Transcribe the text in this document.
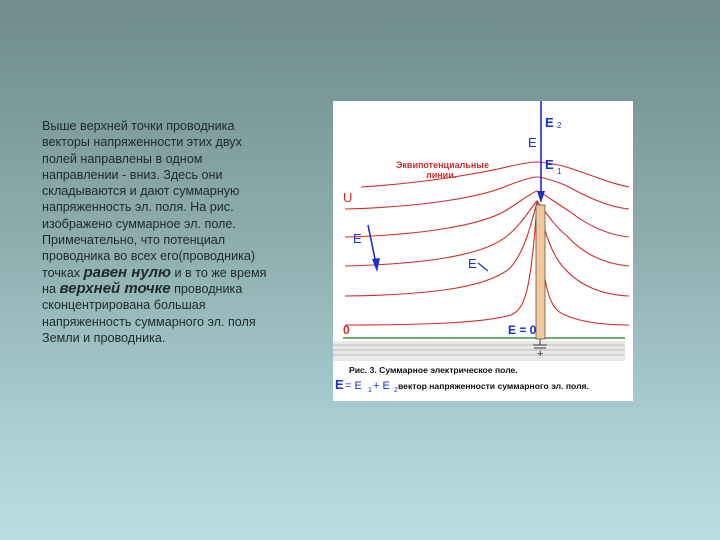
Выше верхней точки проводника векторы напряженности этих двух полей направлены в одном направлении - вниз. Здесь они складываются и дают суммарную напряженность эл. поля. На рис. изображено суммарное эл. поле. Примечательно, что потенциал проводника во всех его(проводника) точках равен нулю и в то же время на верхней точке проводника сконцентрирована большая напряженность суммарного эл. поля Земли и проводника.
E 2
E
E 1
Эквипотенциальные
линии.
U
E
E
0	E = 0
+
Рис. 3. Суммарное электрическое поле.
E = E 1 + E 2 вектор напряженности суммарного эл. поля.
